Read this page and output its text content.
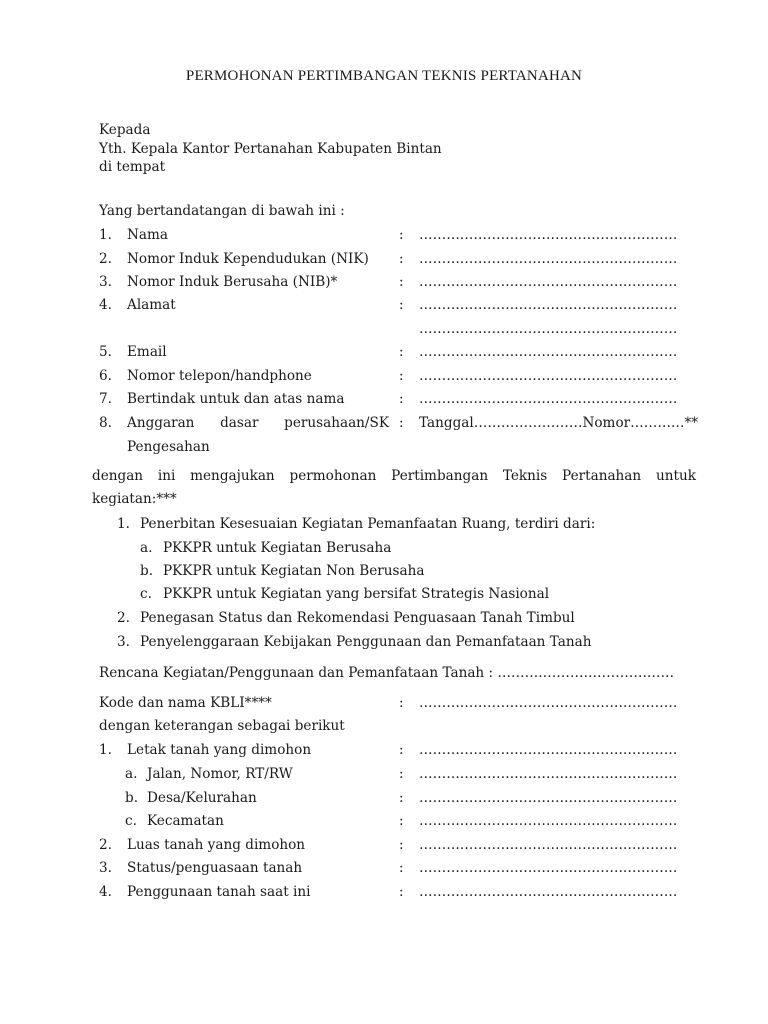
PERMOHONAN PERTIMBANGAN TEKNIS PERTANAHAN
Kepada
Yth. Kepala Kantor Pertanahan Kabupaten Bintan
di tempat
Yang bertandatangan di bawah ini :
1. Nama	: …………………………………………………
2. Nomor Induk Kependudukan (NIK) : …………………………………………………
3. Nomor Induk Berusaha (NIB)*	: …………………………………………………
4. Alamat	: …………………………………………………
…………………………………………………
5. Email	: …………………………………………………
6. Nomor telepon/handphone	: …………………………………………………
7. Bertindak untuk dan atas nama	: …………………………………………………
8. Anggaran dasar perusahaan/SK : Tanggal……………………Nomor…………**
Pengesahan
dengan ini mengajukan permohonan Pertimbangan Teknis Pertanahan untuk
kegiatan:***
1. Penerbitan Kesesuaian Kegiatan Pemanfaatan Ruang, terdiri dari:
a. PKKPR untuk Kegiatan Berusaha
b. PKKPR untuk Kegiatan Non Berusaha
c. PKKPR untuk Kegiatan yang bersifat Strategis Nasional
2. Penegasan Status dan Rekomendasi Penguasaan Tanah Timbul
3. Penyelenggaraan Kebijakan Penggunaan dan Pemanfataan Tanah
Rencana Kegiatan/Penggunaan dan Pemanfataan Tanah : …………………………………
Kode dan nama KBLI****	: …………………………………………………
dengan keterangan sebagai berikut
1. Letak tanah yang dimohon	: …………………………………………………
a. Jalan, Nomor, RT/RW	: …………………………………………………
b. Desa/Kelurahan	: …………………………………………………
c. Kecamatan	: …………………………………………………
2. Luas tanah yang dimohon	: …………………………………………………
3. Status/penguasaan tanah	: …………………………………………………
4. Penggunaan tanah saat ini	: …………………………………………………
